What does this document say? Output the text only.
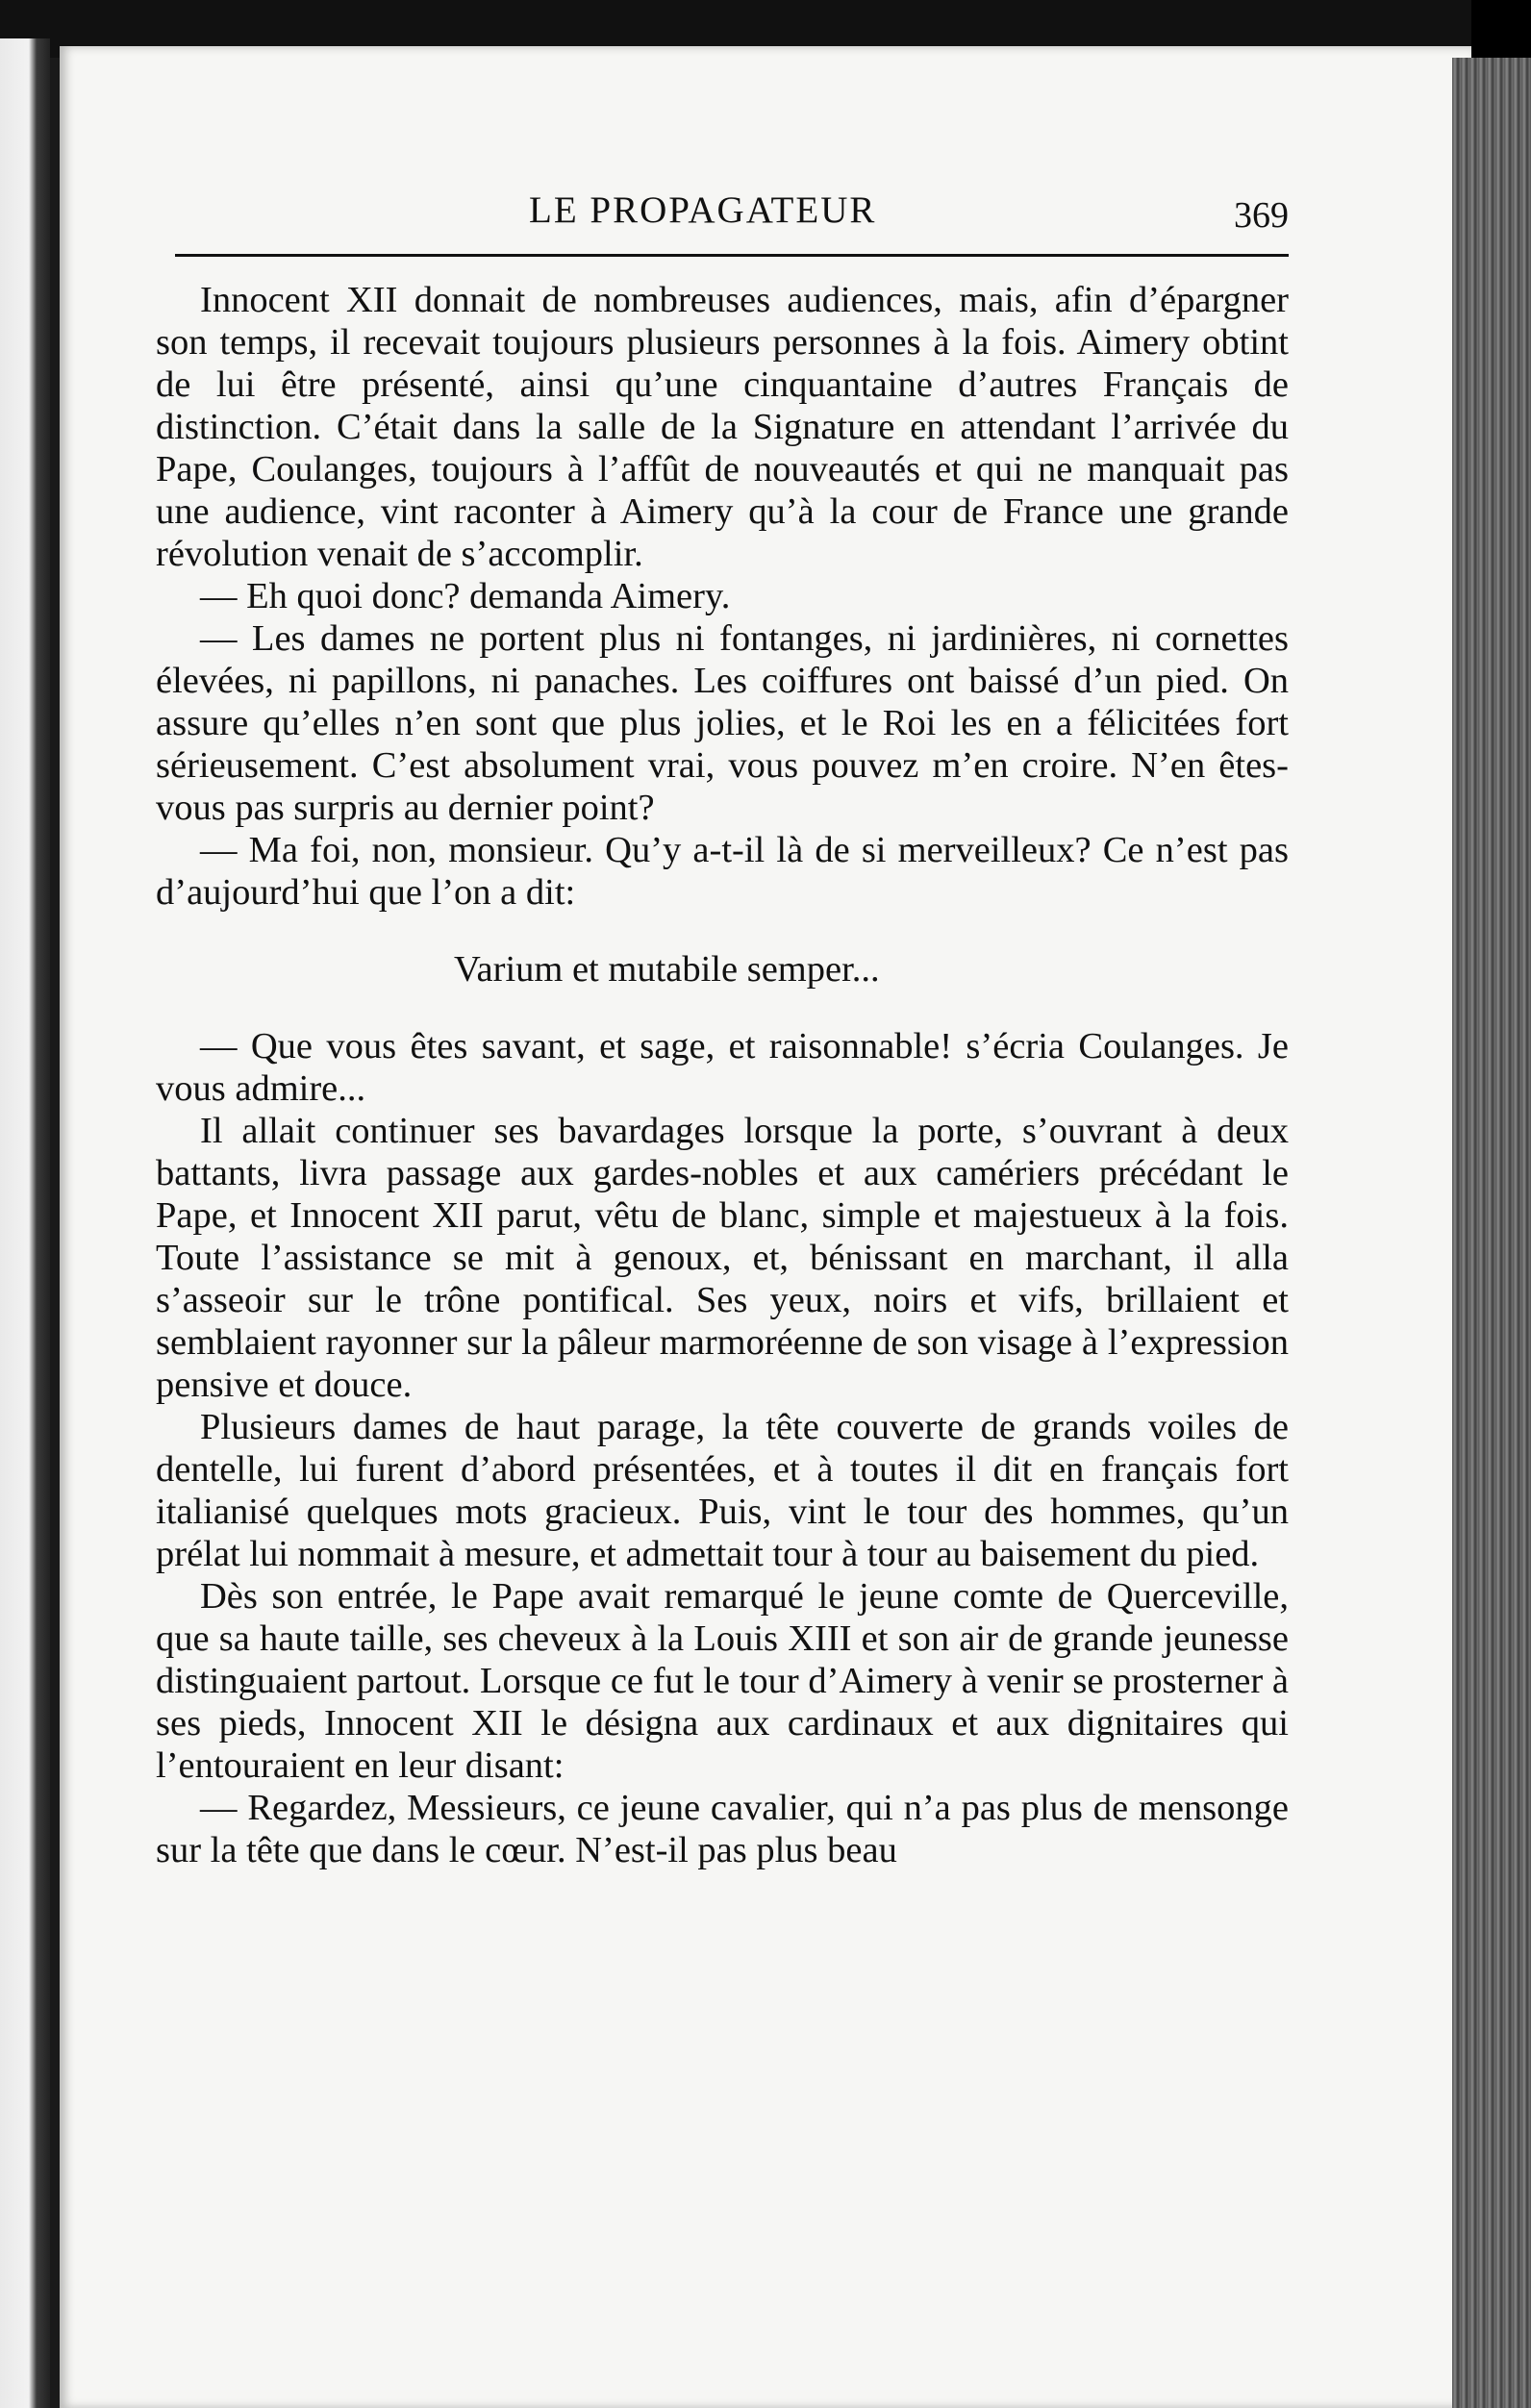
LE PROPAGATEUR	369

Innocent XII donnait de nombreuses audiences, mais, afin d’épargner son temps, il recevait toujours plusieurs personnes à la fois. Aimery obtint de lui être présenté, ainsi qu’une cinquantaine d’autres Français de distinction. C’était dans la salle de la Signature en attendant l’arrivée du Pape, Coulanges, toujours à l’affût de nouveautés et qui ne manquait pas une audience, vint raconter à Aimery qu’à la cour de France une grande révolution venait de s’accomplir.

— Eh quoi donc? demanda Aimery.

— Les dames ne portent plus ni fontanges, ni jardinières, ni cornettes élevées, ni papillons, ni panaches. Les coiffures ont baissé d’un pied. On assure qu’elles n’en sont que plus jolies, et le Roi les en a félicitées fort sérieusement. C’est absolument vrai, vous pouvez m’en croire. N’en êtes-vous pas surpris au dernier point?

— Ma foi, non, monsieur. Qu’y a-t-il là de si merveilleux? Ce n’est pas d’aujourd’hui que l’on a dit:

Varium et mutabile semper...

— Que vous êtes savant, et sage, et raisonnable! s’écria Coulanges. Je vous admire...

Il allait continuer ses bavardages lorsque la porte, s’ouvrant à deux battants, livra passage aux gardes-nobles et aux camériers précédant le Pape, et Innocent XII parut, vêtu de blanc, simple et majestueux à la fois. Toute l’assistance se mit à genoux, et, bénissant en marchant, il alla s’asseoir sur le trône pontifical. Ses yeux, noirs et vifs, brillaient et semblaient rayonner sur la pâleur marmoréenne de son visage à l’expression pensive et douce.

Plusieurs dames de haut parage, la tête couverte de grands voiles de dentelle, lui furent d’abord présentées, et à toutes il dit en français fort italianisé quelques mots gracieux. Puis, vint le tour des hommes, qu’un prélat lui nommait à mesure, et admettait tour à tour au baisement du pied.

Dès son entrée, le Pape avait remarqué le jeune comte de Querceville, que sa haute taille, ses cheveux à la Louis XIII et son air de grande jeunesse distinguaient partout. Lorsque ce fut le tour d’Aimery à venir se prosterner à ses pieds, Innocent XII le désigna aux cardinaux et aux dignitaires qui l’entouraient en leur disant:

— Regardez, Messieurs, ce jeune cavalier, qui n’a pas plus de mensonge sur la tête que dans le cœur. N’est-il pas plus beau
